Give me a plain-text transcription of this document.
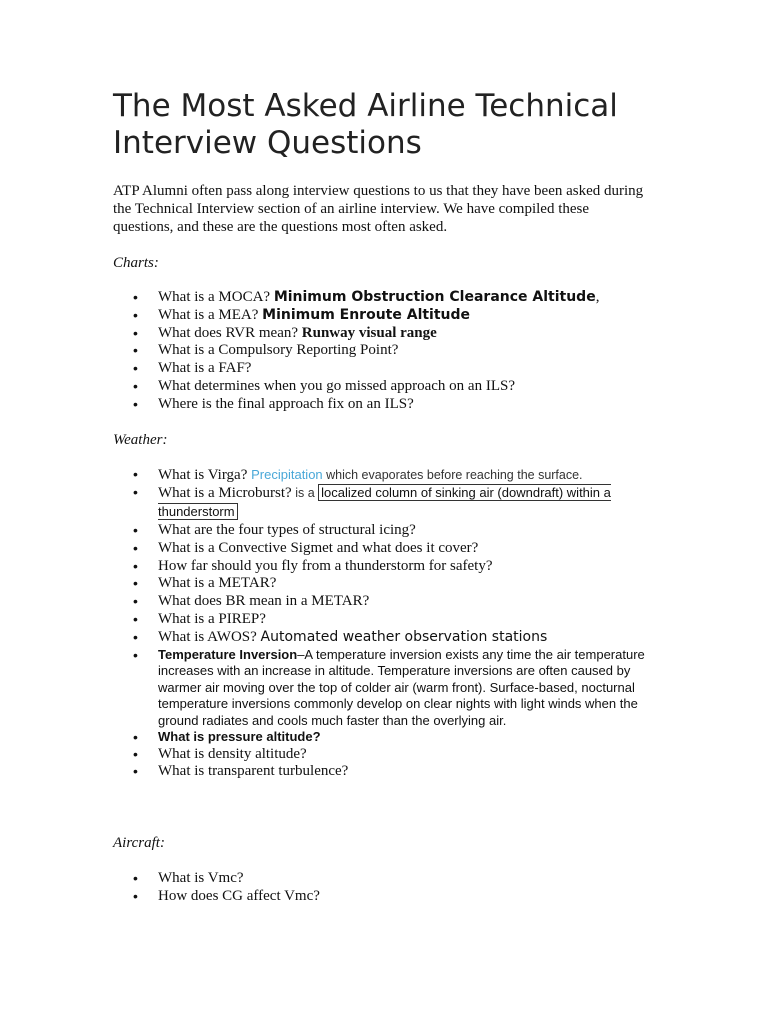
The Most Asked Airline Technical Interview Questions

ATP Alumni often pass along interview questions to us that they have been asked during the Technical Interview section of an airline interview. We have compiled these questions, and these are the questions most often asked.

Charts:

• What is a MOCA? Minimum Obstruction Clearance Altitude,
• What is a MEA? Minimum Enroute Altitude
• What does RVR mean? Runway visual range
• What is a Compulsory Reporting Point?
• What is a FAF?
• What determines when you go missed approach on an ILS?
• Where is the final approach fix on an ILS?

Weather:

• What is Virga? Precipitation which evaporates before reaching the surface.
• What is a Microburst? is a localized column of sinking air (downdraft) within a thunderstorm
• What are the four types of structural icing?
• What is a Convective Sigmet and what does it cover?
• How far should you fly from a thunderstorm for safety?
• What is a METAR?
• What does BR mean in a METAR?
• What is a PIREP?
• What is AWOS? Automated weather observation stations
• Temperature Inversion–A temperature inversion exists any time the air temperature increases with an increase in altitude. Temperature inversions are often caused by warmer air moving over the top of colder air (warm front). Surface-based, nocturnal temperature inversions commonly develop on clear nights with light winds when the ground radiates and cools much faster than the overlying air.
• What is pressure altitude?
• What is density altitude?
• What is transparent turbulence?

Aircraft:

• What is Vmc?
• How does CG affect Vmc?
